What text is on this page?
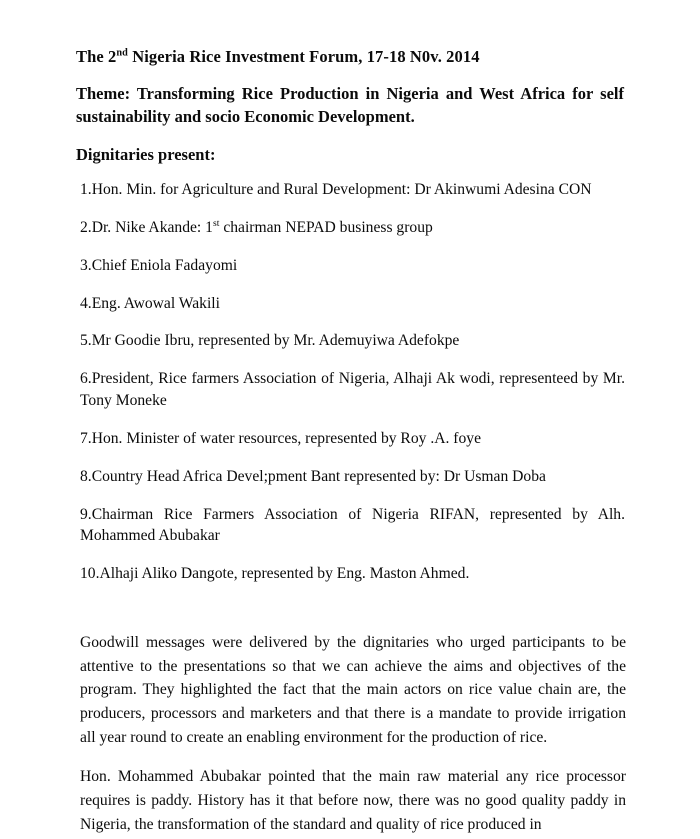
The 2nd Nigeria Rice Investment Forum, 17-18 N0v. 2014

Theme: Transforming Rice Production in Nigeria and West Africa for self sustainability and socio Economic Development.

Dignitaries present:

1.Hon. Min. for Agriculture and Rural Development: Dr Akinwumi Adesina CON
2.Dr. Nike Akande: 1st chairman NEPAD business group
3.Chief Eniola Fadayomi
4.Eng. Awowal Wakili
5.Mr Goodie Ibru, represented by Mr. Ademuyiwa Adefokpe
6.President, Rice farmers Association of Nigeria, Alhaji Ak wodi, representeed by Mr. Tony Moneke
7.Hon. Minister of water resources, represented by Roy .A. foye
8.Country Head Africa Devel;pment Bant represented by: Dr Usman Doba
9.Chairman Rice Farmers Association of Nigeria RIFAN, represented by Alh. Mohammed Abubakar
10.Alhaji Aliko Dangote, represented by Eng. Maston Ahmed.

Goodwill messages were delivered by the dignitaries who urged participants to be attentive to the presentations so that we can achieve the aims and objectives of the program. They highlighted the fact that the main actors on rice value chain are, the producers, processors and marketers and that there is a mandate to provide irrigation all year round to create an enabling environment for the production of rice.

Hon. Mohammed Abubakar pointed that the main raw material any rice processor requires is paddy. History has it that before now, there was no good quality paddy in Nigeria, the transformation of the standard and quality of rice produced in
